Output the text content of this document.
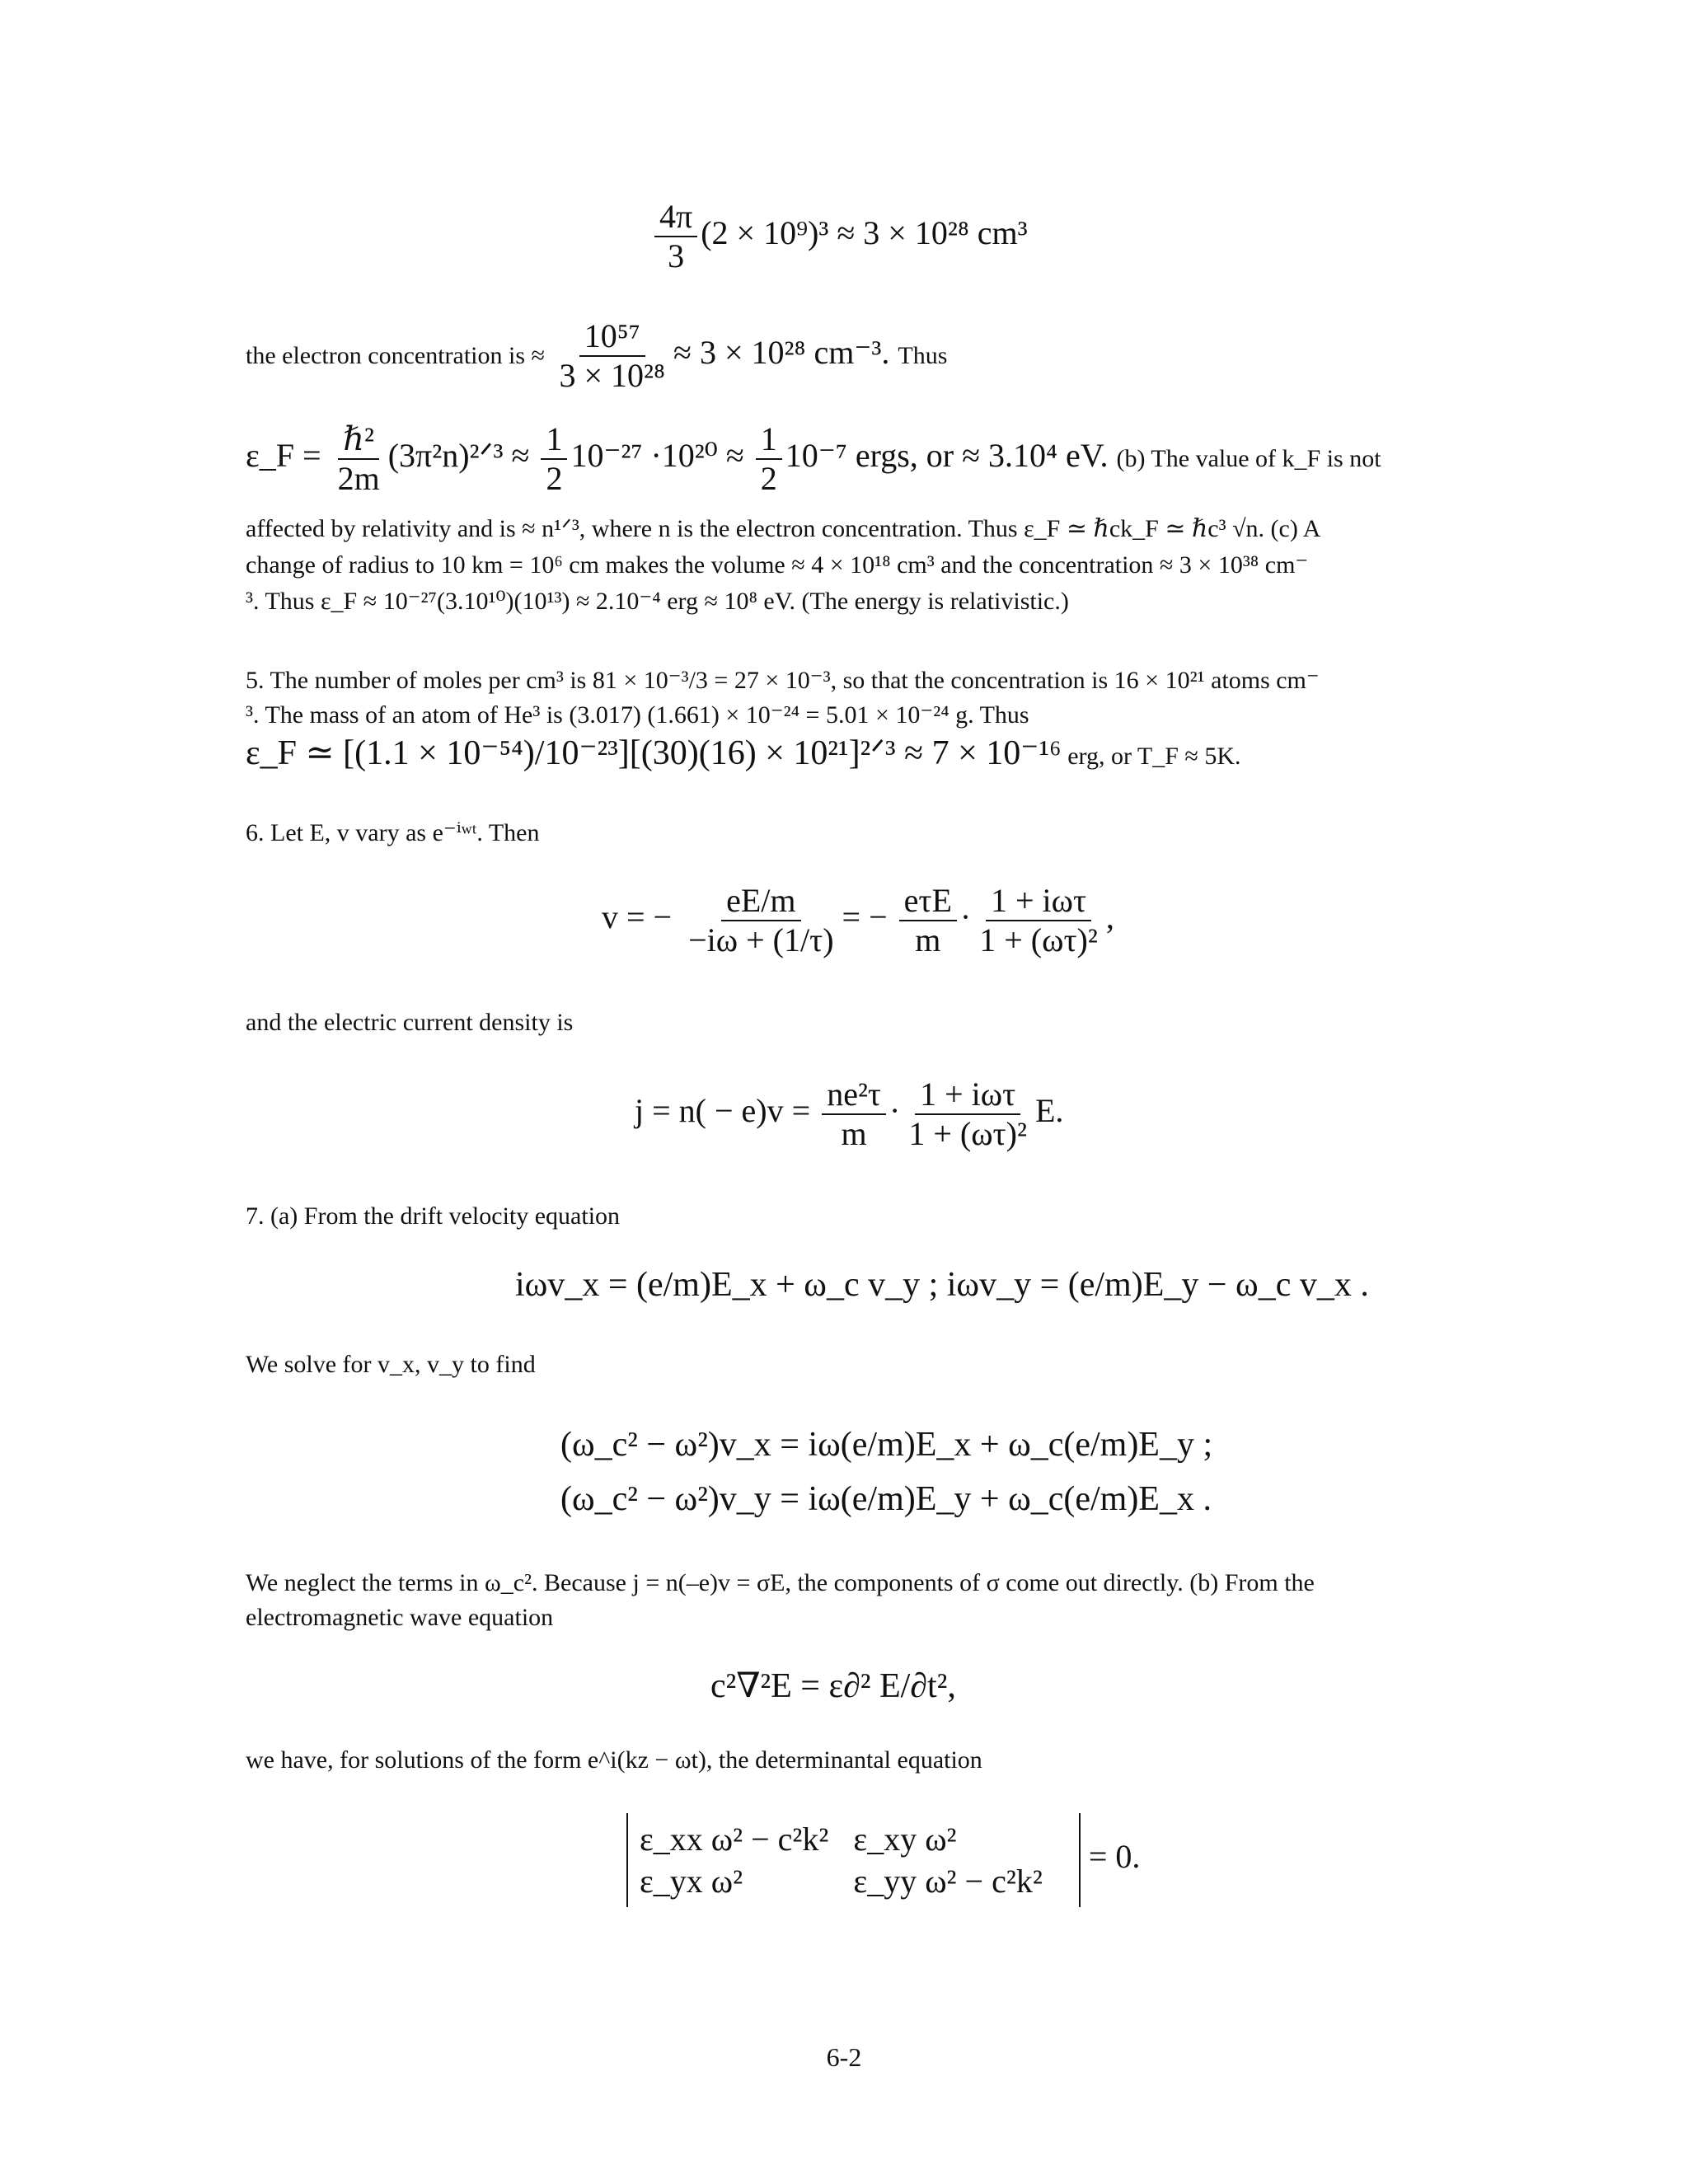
$\frac{4\pi}{3} (2 \times 10^9)^3 \approx 3 \times 10^{28}$ cm³
the electron concentration is ≈ $\frac{\text{10⁵⁷}}{\text{3 × 10²⁸}} \approx 3 \times 10^{28}$ cm⁻³. Thus
ε_F = $\frac{\text{ℏ²}}{2m}$ (3π²n)²ᐟ³ ≈ $\frac{1}{2} 10^{-27} \cdot 10^{20} \approx \frac{1}{2} 10^{-7}$ ergs, or ≈ 3.10⁴ eV. (b) The value of k_F is not
affected by relativity and is ≈ n¹ᐟ³, where n is the electron concentration. Thus ε_F ≃ ℏck_F ≃ ℏc³ √n. (c) A
change of radius to 10 km = 10⁶ cm makes the volume ≈ 4 × 10¹⁸ cm³ and the concentration ≈ 3 × 10³⁸ cm⁻
³. Thus ε_F ≈ 10⁻²⁷(3.10¹⁰)(10¹³) ≈ 2.10⁻⁴ erg ≈ 10⁸ eV. (The energy is relativistic.)
5. The number of moles per cm³ is 81 × 10⁻³/3 = 27 × 10⁻³, so that the concentration is 16 × 10²¹ atoms cm⁻
³. The mass of an atom of He³ is (3.017) (1.661) × 10⁻²⁴ = 5.01 × 10⁻²⁴ g. Thus
ε_F ≃ [(1.1 × 10⁻⁵⁴)/10⁻²³][(30)(16) × 10²¹]²ᐟ³ ≈ 7 × 10⁻¹⁶ erg, or T_F ≈ 5K.
6. Let E, v vary as e⁻ⁱʷᵗ. Then
v = − $\frac{eE/m}{-i\omega + (1/\tau)}$ = − $\frac{\text{eτE}}{m} \cdot \frac{\text{1 + iωτ}}{\text{1 + (ωτ)²}}$ ,
and the electric current density is
$j = n( - e)v = \frac{\text{ne²τ}}{m} \cdot \frac{\text{1 + iωτ}}{\text{1 + (ωτ)²}} E$.
7. (a) From the drift velocity equation
iωv_x = (e/m)E_x + ω_c v_y ; iωv_y = (e/m)E_y − ω_c v_x .
We solve for v_x, v_y to find
(ω_c² − ω²)v_x = iω(e/m)E_x + ω_c(e/m)E_y ;
(ω_c² − ω²)v_y = iω(e/m)E_y + ω_c(e/m)E_x .
We neglect the terms in ω_c². Because j = n(–e)v = σE, the components of σ come out directly. (b) From the
electromagnetic wave equation
c²∇²E = ε∂² E/∂t²,
we have, for solutions of the form e^i(kz − ωt), the determinantal equation
ε_xx ω² − c²k²	ε_xy ω²
ε_yx ω²	ε_yy ω² − c²k²
= 0.
6-2
